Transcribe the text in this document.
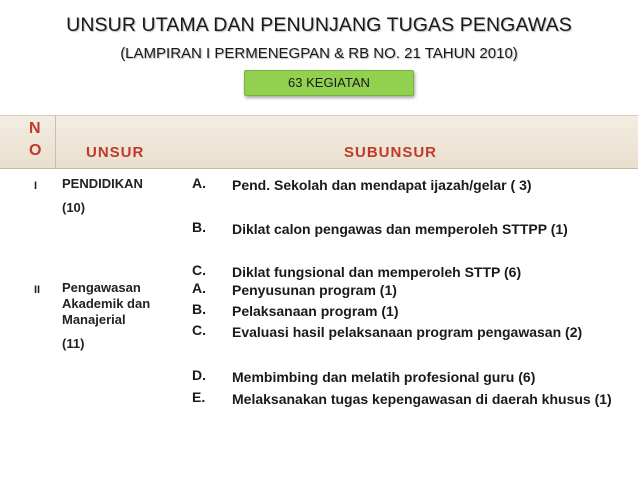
UNSUR UTAMA DAN PENUNJANG TUGAS PENGAWAS
(LAMPIRAN I PERMENEGPAN & RB NO. 21 TAHUN 2010)
63 KEGIATAN
N O	UNSUR	SUBUNSUR
I PENDIDIKAN
(10)
A. Pend. Sekolah dan mendapat ijazah/gelar ( 3)
B. Diklat calon pengawas dan memperoleh STTPP (1)
C. Diklat fungsional dan memperoleh STTP (6)
II Pengawasan Akademik dan Manajerial
(11)
A. Penyusunan program (1)
B. Pelaksanaan program (1)
C. Evaluasi hasil pelaksanaan program pengawasan (2)
D. Membimbing dan melatih profesional guru (6)
E. Melaksanakan tugas kepengawasan di daerah khusus (1)
